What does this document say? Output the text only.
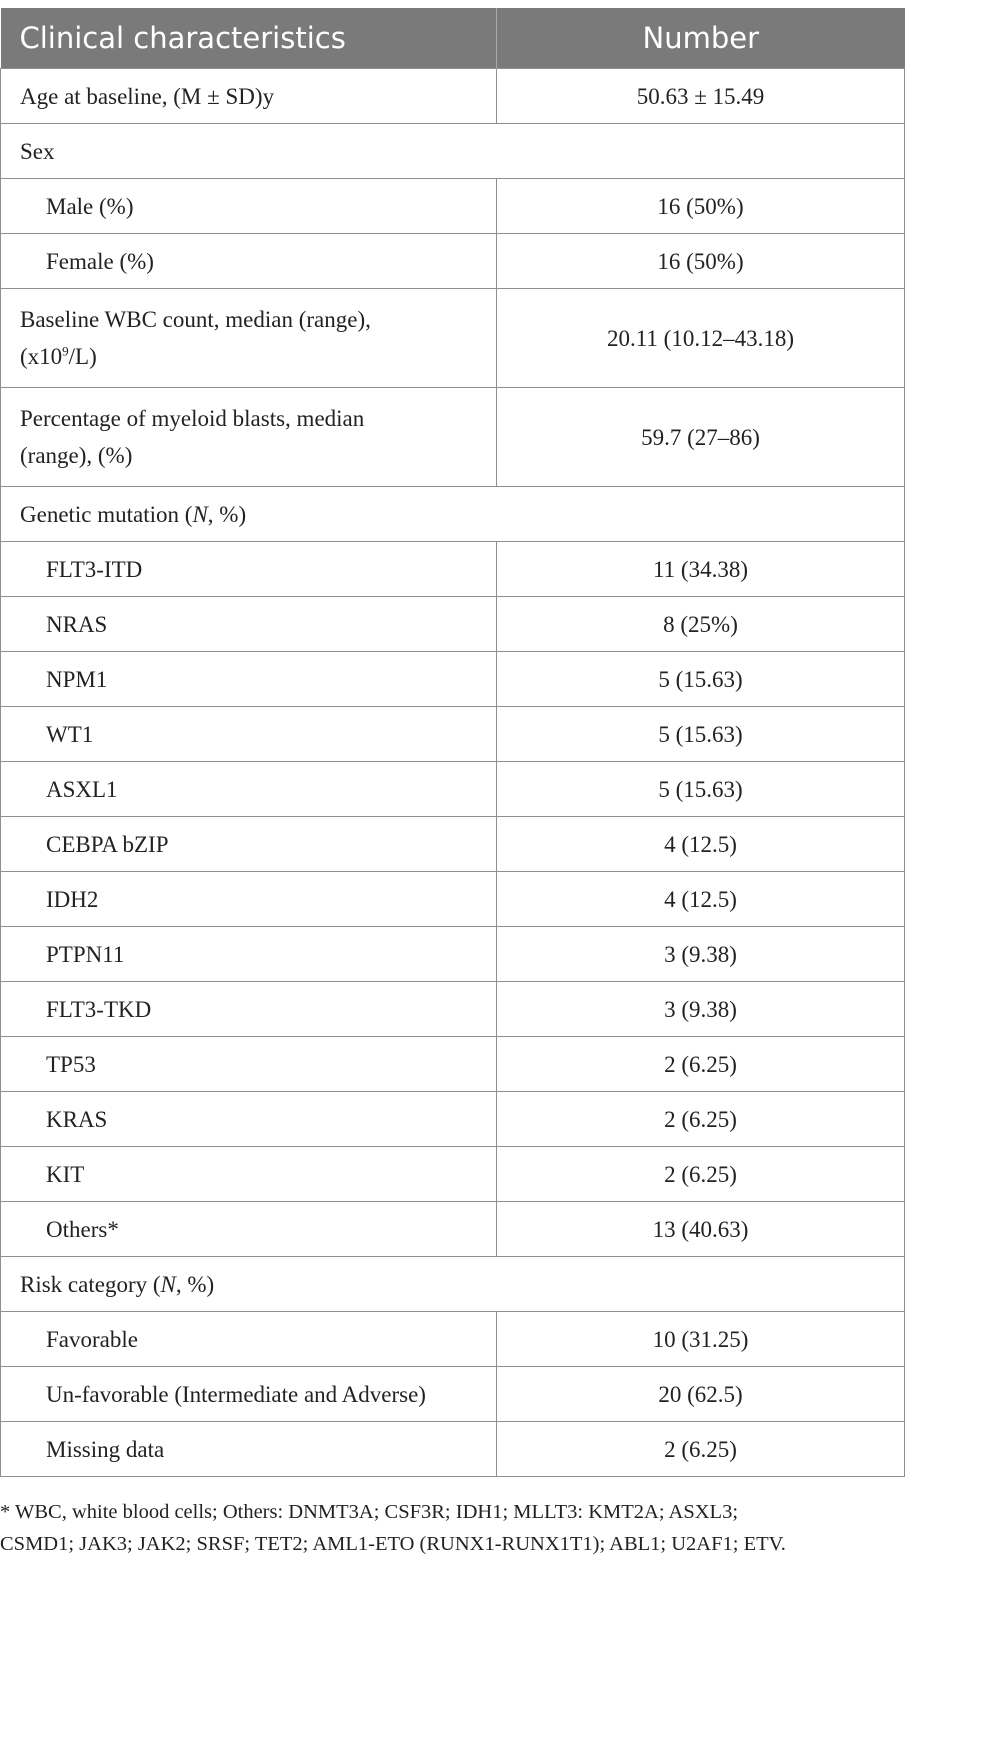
Clinical characteristics	Number
Age at baseline, (M ± SD)y	50.63 ± 15.49
Sex	
Male (%)	16 (50%)
Female (%)	16 (50%)

Baseline WBC count, median (range),
$(x10^9/L)$	20.11 (10.12–43.18)

Percentage of myeloid blasts, median
(range), (%)	59.7 (27–86)
Genetic mutation (N, %)	
FLT3-ITD	11 (34.38)
NRAS	8 (25%)
NPM1	5 (15.63)
WT1	5 (15.63)
ASXL1	5 (15.63)
CEBPA bZIP	4 (12.5)
IDH2	4 (12.5)
PTPN11	3 (9.38)
FLT3-TKD	3 (9.38)
TP53	2 (6.25)
KRAS	2 (6.25)
KIT	2 (6.25)
Others*	13 (40.63)
Risk category (N, %)	
Favorable	10 (31.25)
Un-favorable (Intermediate and Adverse)	20 (62.5)
Missing data	2 (6.25)
* WBC, white blood cells; Others: DNMT3A; CSF3R; IDH1; MLLT3: KMT2A; ASXL3;
CSMD1; JAK3; JAK2; SRSF; TET2; AML1-ETO (RUNX1-RUNX1T1); ABL1; U2AF1; ETV.
